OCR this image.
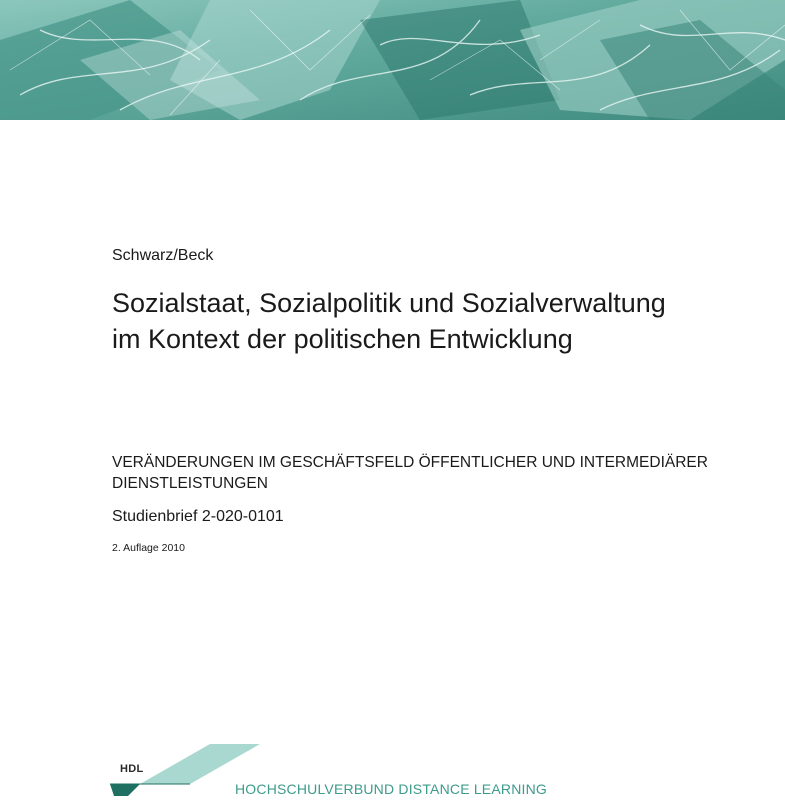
Schwarz/Beck
Sozialstaat, Sozialpolitik und Sozialverwaltung
im Kontext der politischen Entwicklung
VERÄNDERUNGEN IM GESCHÄFTSFELD ÖFFENTLICHER UND INTERMEDIÄRER
DIENSTLEISTUNGEN
Studienbrief 2-020-0101
2. Auflage 2010
HDL
HOCHSCHULVERBUND DISTANCE LEARNING
